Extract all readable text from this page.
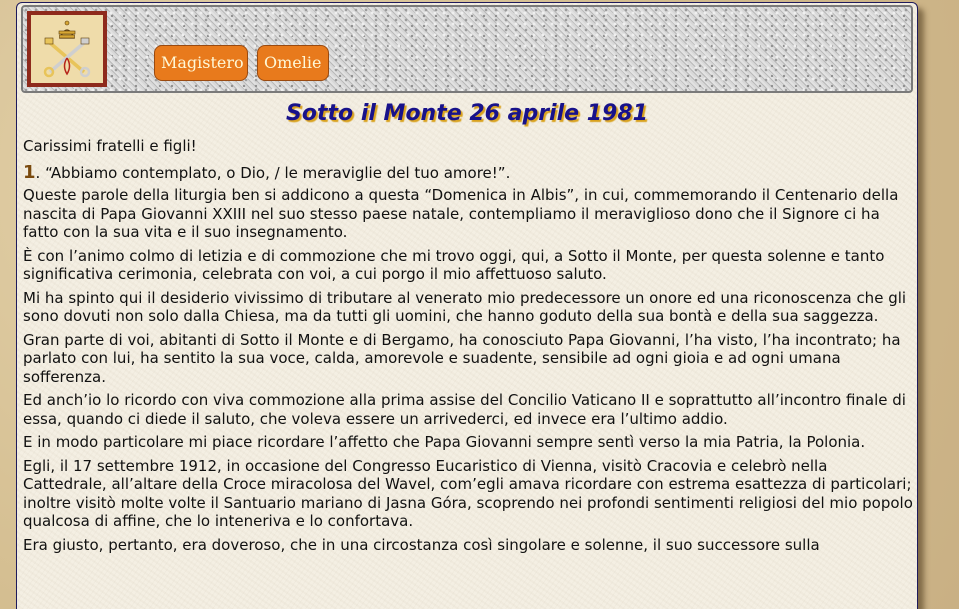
Magistero	Omelie
Sotto il Monte 26 aprile 1981

Carissimi fratelli e figli!

1. “Abbiamo contemplato, o Dio, / le meraviglie del tuo amore!”.

Queste parole della liturgia ben si addicono a questa “Domenica in Albis”, in cui, commemorando il Centenario della nascita di Papa Giovanni XXIII nel suo stesso paese natale, contempliamo il meraviglioso dono che il Signore ci ha fatto con la sua vita e il suo insegnamento.

È con l’animo colmo di letizia e di commozione che mi trovo oggi, qui, a Sotto il Monte, per questa solenne e tanto significativa cerimonia, celebrata con voi, a cui porgo il mio affettuoso saluto.

Mi ha spinto qui il desiderio vivissimo di tributare al venerato mio predecessore un onore ed una riconoscenza che gli sono dovuti non solo dalla Chiesa, ma da tutti gli uomini, che hanno goduto della sua bontà e della sua saggezza.

Gran parte di voi, abitanti di Sotto il Monte e di Bergamo, ha conosciuto Papa Giovanni, l’ha visto, l’ha incontrato; ha parlato con lui, ha sentito la sua voce, calda, amorevole e suadente, sensibile ad ogni gioia e ad ogni umana sofferenza.

Ed anch’io lo ricordo con viva commozione alla prima assise del Concilio Vaticano II e soprattutto all’incontro finale di essa, quando ci diede il saluto, che voleva essere un arrivederci, ed invece era l’ultimo addio.

E in modo particolare mi piace ricordare l’affetto che Papa Giovanni sempre sentì verso la mia Patria, la Polonia.

Egli, il 17 settembre 1912, in occasione del Congresso Eucaristico di Vienna, visitò Cracovia e celebrò nella Cattedrale, all’altare della Croce miracolosa del Wavel, com’egli amava ricordare con estrema esattezza di particolari; inoltre visitò molte volte il Santuario mariano di Jasna Góra, scoprendo nei profondi sentimenti religiosi del mio popolo qualcosa di affine, che lo inteneriva e lo confortava.

Era giusto, pertanto, era doveroso, che in una circostanza così singolare e solenne, il suo successore sulla
